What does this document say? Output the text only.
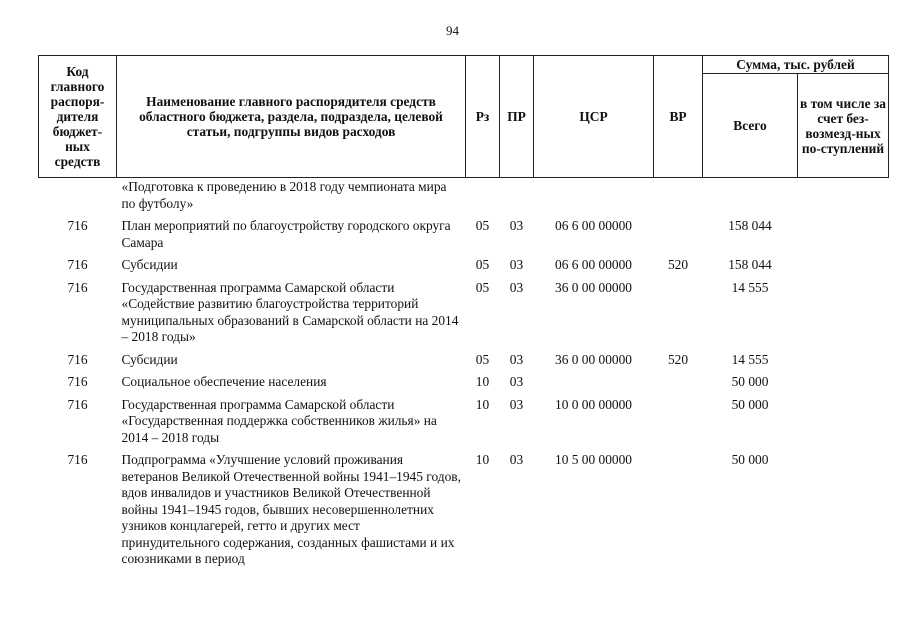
94
Код главного распоря-дителя бюджет-ных средств	Наименование главного распорядителя средств областного бюджета, раздела, подраздела, целевой статьи, подгруппы видов расходов	Рз	ПР	ЦСР	ВР	Сумма, тыс. рублей	
						Всего	в том числе за счет без-возмезд-ных по-ступлений
	«Подготовка к проведению в 2018 году чемпионата мира по футболу»						
716	План мероприятий по благоустройству городского округа Самара	05	03	06 6 00 00000		158 044	
716	Субсидии	05	03	06 6 00 00000	520	158 044	
716	Государственная программа Самарской области «Содействие развитию благоустройства территорий муниципальных образований в Самарской области на 2014 – 2018 годы»	05	03	36 0 00 00000		14 555	
716	Субсидии	05	03	36 0 00 00000	520	14 555	
716	Социальное обеспечение населения	10	03			50 000	
716	Государственная программа Самарской области «Государственная поддержка собственников жилья» на 2014 – 2018 годы	10	03	10 0 00 00000		50 000	
716	Подпрограмма «Улучшение условий проживания ветеранов Великой Отечественной войны 1941–1945 годов, вдов инвалидов и участников Великой Отечественной войны 1941–1945 годов, бывших несовершеннолетних узников концлагерей, гетто и других мест принудительного содержания, созданных фашистами и их союзниками в период	10	03	10 5 00 00000		50 000	
